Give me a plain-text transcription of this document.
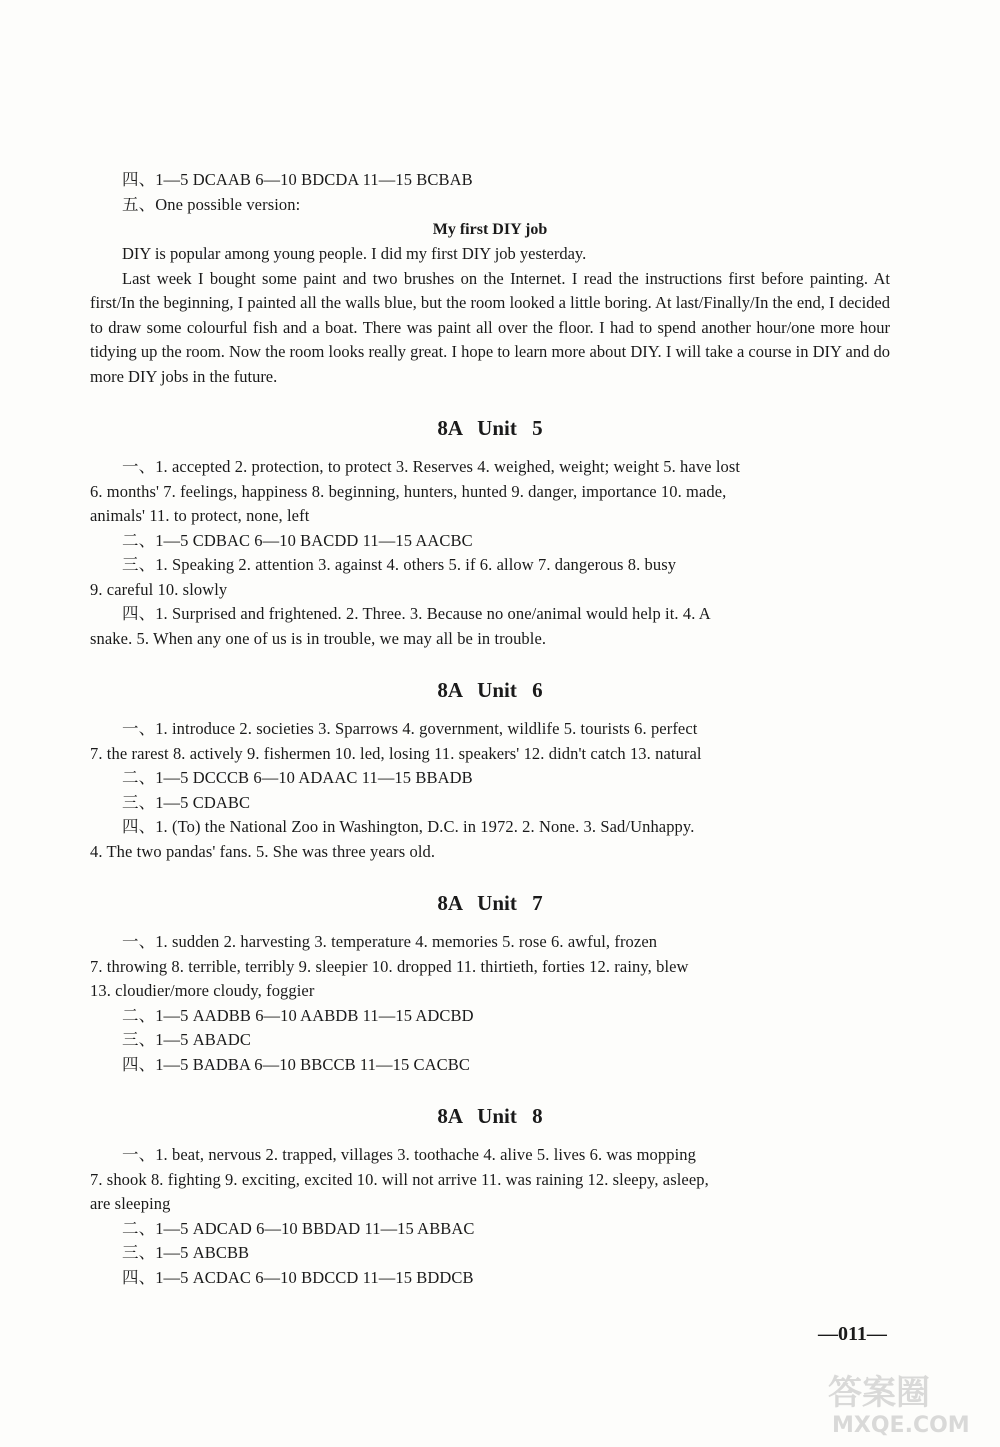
四、1—5 DCAAB 6—10 BDCDA 11—15 BCBAB
五、One possible version:
My first DIY job
DIY is popular among young people. I did my first DIY job yesterday.
Last week I bought some paint and two brushes on the Internet. I read the instructions first before painting. At first/In the beginning, I painted all the walls blue, but the room looked a little boring. At last/Finally/In the end, I decided to draw some colourful fish and a boat. There was paint all over the floor. I had to spend another hour/one more hour tidying up the room. Now the room looks really great. I hope to learn more about DIY. I will take a course in DIY and do more DIY jobs in the future.
8A Unit 5
一、1. accepted 2. protection, to protect 3. Reserves 4. weighed, weight; weight 5. have lost
6. months' 7. feelings, happiness 8. beginning, hunters, hunted 9. danger, importance 10. made,
animals' 11. to protect, none, left
二、1—5 CDBAC 6—10 BACDD 11—15 AACBC
三、1. Speaking 2. attention 3. against 4. others 5. if 6. allow 7. dangerous 8. busy
9. careful 10. slowly
四、1. Surprised and frightened. 2. Three. 3. Because no one/animal would help it. 4. A
snake. 5. When any one of us is in trouble, we may all be in trouble.
8A Unit 6
一、1. introduce 2. societies 3. Sparrows 4. government, wildlife 5. tourists 6. perfect
7. the rarest 8. actively 9. fishermen 10. led, losing 11. speakers' 12. didn't catch 13. natural
二、1—5 DCCCB 6—10 ADAAC 11—15 BBADB
三、1—5 CDABC
四、1. (To) the National Zoo in Washington, D.C. in 1972. 2. None. 3. Sad/Unhappy.
4. The two pandas' fans. 5. She was three years old.
8A Unit 7
一、1. sudden 2. harvesting 3. temperature 4. memories 5. rose 6. awful, frozen
7. throwing 8. terrible, terribly 9. sleepier 10. dropped 11. thirtieth, forties 12. rainy, blew
13. cloudier/more cloudy, foggier
二、1—5 AADBB 6—10 AABDB 11—15 ADCBD
三、1—5 ABADC
四、1—5 BADBA 6—10 BBCCB 11—15 CACBC
8A Unit 8
一、1. beat, nervous 2. trapped, villages 3. toothache 4. alive 5. lives 6. was mopping
7. shook 8. fighting 9. exciting, excited 10. will not arrive 11. was raining 12. sleepy, asleep,
are sleeping
二、1—5 ADCAD 6—10 BBDAD 11—15 ABBAC
三、1—5 ABCBB
四、1—5 ACDAC 6—10 BDCCD 11—15 BDDCB
—011—
答案圈
MXQE.COM
